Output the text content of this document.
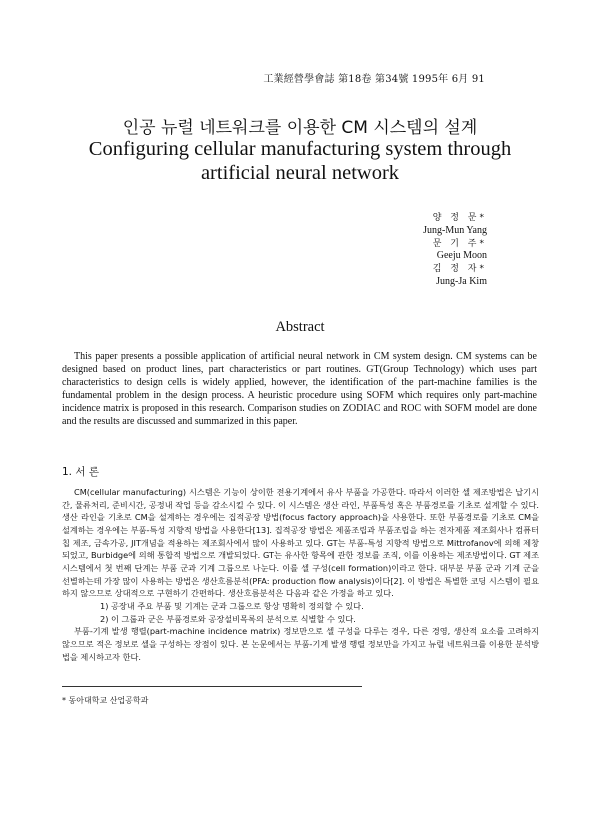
工業經營學會誌 第18卷 第34號 1995年 6月 91
인공 뉴럴 네트워크를 이용한 CM 시스템의 설계
Configuring cellular manufacturing system through
artificial neural network
양 정 문*
Jung-Mun Yang
문 기 주*
Geeju Moon
김 정 자*
Jung-Ja Kim
Abstract
This paper presents a possible application of artificial neural network in CM system design. CM systems can be designed based on product lines, part characteristics or part routines. GT(Group Technology) which uses part characteristics to design cells is widely applied, however, the identification of the part-machine families is the fundamental problem in the design process. A heuristic procedure using SOFM which requires only part-machine incidence matrix is proposed in this research. Comparison studies on ZODIAC and ROC with SOFM model are done and the results are discussed and summarized in this paper.
1. 서 론

CM(cellular manufacturing) 시스템은 기능이 상이한 전용기계에서 유사 부품을 가공한다. 따라서 이러한 셀 제조방법은 납기시간, 물류처리, 준비시간, 공정내 작업 등을 감소시킬 수 있다. 이 시스템은 생산 라인, 부품특성 혹은 부품경로를 기초로 설계할 수 있다. 생산 라인을 기초로 CM을 설계하는 경우에는 집적공장 방법(focus factory approach)을 사용한다. 또한 부품경로를 기초로 CM을 설계하는 경우에는 부품-특성 지향적 방법을 사용한다[13]. 집적공장 방법은 제품조립과 부품조립을 하는 전자제품 제조회사나 컴퓨터 칩 제조, 금속가공, JIT개념을 적용하는 제조회사에서 많이 사용하고 있다. GT는 부품-특성 지향적 방법으로 Mittrofanov에 의해 제창되었고, Burbidge에 의해 통합적 방법으로 개발되었다. GT는 유사한 항목에 관한 정보를 조직, 이를 이용하는 제조방법이다. GT 제조 시스템에서 첫 번째 단계는 부품 군과 기계 그룹으로 나눈다. 이를 셀 구성(cell formation)이라고 한다. 대부분 부품 군과 기계 군을 선별하는데 가장 많이 사용하는 방법은 생산흐름분석(PFA: production flow analysis)이다[2]. 이 방법은 특별한 코딩 시스템이 필요하지 않으므로 상대적으로 구현하기 간편하다. 생산흐름분석은 다음과 같은 가정을 하고 있다.

1) 공장내 주요 부품 및 기계는 군과 그룹으로 항상 명확히 정의할 수 있다.

2) 이 그룹과 군은 부품경로와 공장설비목록의 분석으로 식별할 수 있다.

부품-기계 발생 행렬(part-machine incidence matrix) 정보만으로 셀 구성을 다루는 경우, 다른 경영, 생산적 요소를 고려하지 않으므로 적은 정보로 셀을 구성하는 장점이 있다. 본 논문에서는 부품-기계 발생 행렬 정보만을 가지고 뉴럴 네트워크를 이용한 분석방법을 제시하고자 한다.

* 동아대학교 산업공학과
